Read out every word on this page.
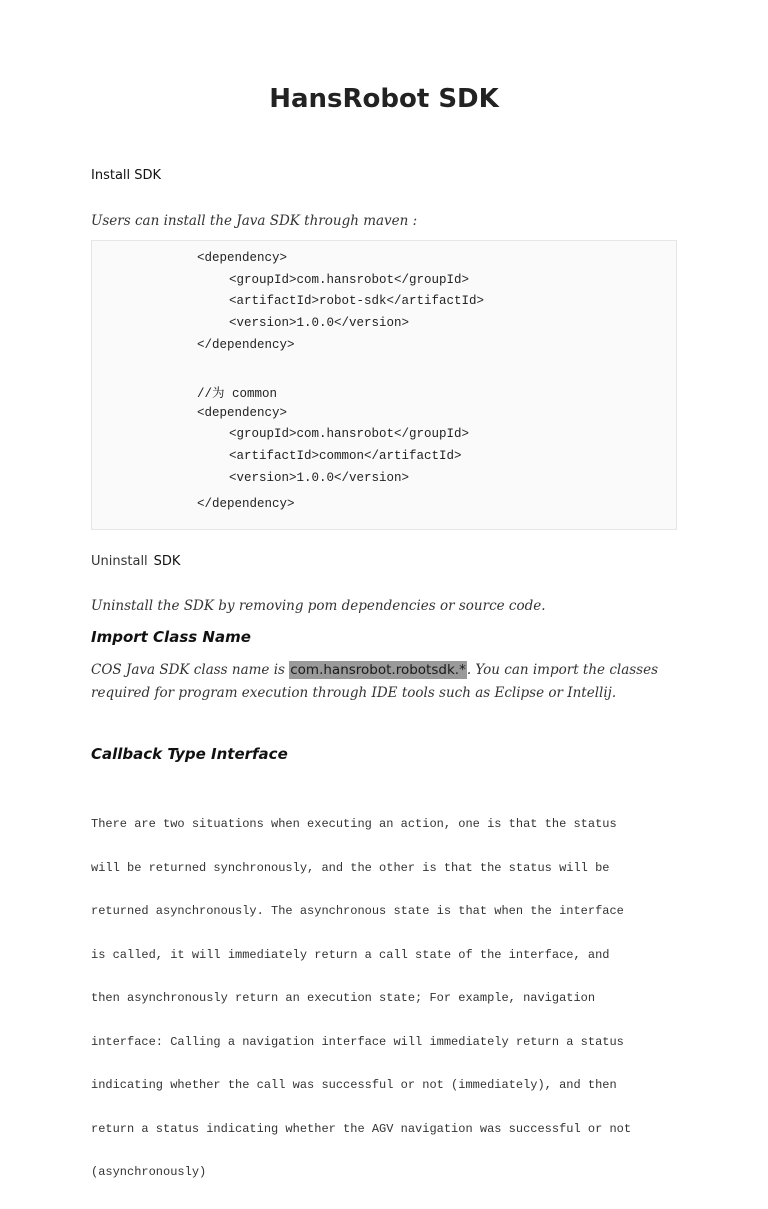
HansRobot SDK

Install SDK

Users can install the Java SDK through maven :

<dependency>
<groupId>com.hansrobot</groupId>
<artifactId>robot-sdk</artifactId>
<version>1.0.0</version>
</dependency>
//为 common
<dependency>
<groupId>com.hansrobot</groupId>
<artifactId>common</artifactId>
<version>1.0.0</version>
</dependency>

Uninstall SDK

Uninstall the SDK by removing pom dependencies or source code.

Import Class Name

COS Java SDK class name is com.hansrobot.robotsdk.*. You can import the classes
required for program execution through IDE tools such as Eclipse or Intellij.

Callback Type Interface

There are two situations when executing an action, one is that the status

will be returned synchronously, and the other is that the status will be

returned asynchronously. The asynchronous state is that when the interface

is called, it will immediately return a call state of the interface, and

then asynchronously return an execution state; For example, navigation

interface: Calling a navigation interface will immediately return a status

indicating whether the call was successful or not (immediately), and then

return a status indicating whether the AGV navigation was successful or not

(asynchronously)
